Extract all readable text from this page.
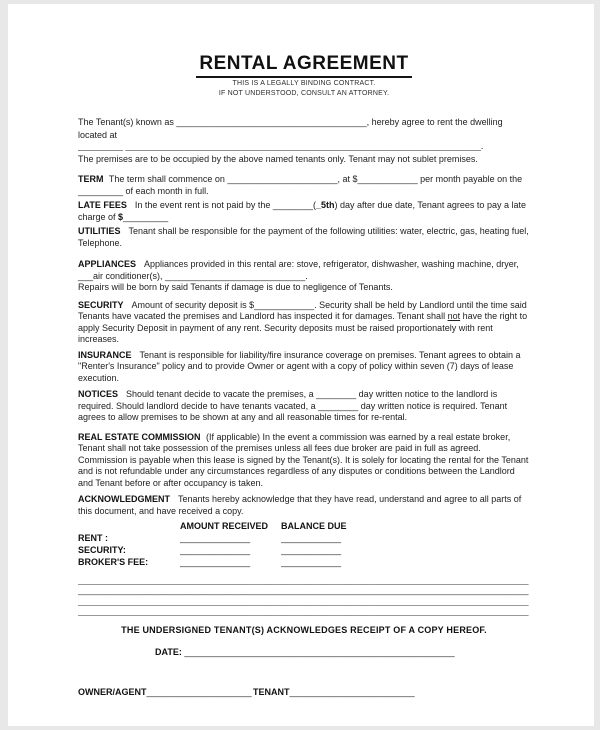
RENTAL AGREEMENT
THIS IS A LEGALLY BINDING CONTRACT.
IF NOT UNDERSTOOD, CONSULT AN ATTORNEY.
The Tenant(s) known as ______________________________________, hereby agree to rent the dwelling
located at
_________ _______________________________________________________________________.
The premises are to be occupied by the above named tenants only. Tenant may not sublet premises.
TERM The term shall commence on ______________________, at $____________ per month payable on the _________ of each month in full.
LATE FEES In the event rent is not paid by the ________(_5th) day after due date, Tenant agrees to pay a late charge of $_________
UTILITIES Tenant shall be responsible for the payment of the following utilities: water, electric, gas, heating fuel, Telephone.
APPLIANCES Appliances provided in this rental are: stove, refrigerator, dishwasher, washing machine, dryer, ___air conditioner(s), ____________________________.
Repairs will be born by said Tenants if damage is due to negligence of Tenants.
SECURITY Amount of security deposit is $____________. Security shall be held by Landlord until the time said Tenants have vacated the premises and Landlord has inspected it for damages. Tenant shall not have the right to apply Security Deposit in payment of any rent. Security deposits must be raised proportionately with rent increases.
INSURANCE Tenant is responsible for liability/fire insurance coverage on premises. Tenant agrees to obtain a "Renter's Insurance" policy and to provide Owner or agent with a copy of policy within seven (7) days of lease execution.
NOTICES Should tenant decide to vacate the premises, a ________ day written notice to the landlord is required. Should landlord decide to have tenants vacated, a ________ day written notice is required. Tenant agrees to allow premises to be shown at any and all reasonable times for re-rental.
REAL ESTATE COMMISSION (If applicable) In the event a commission was earned by a real estate broker, Tenant shall not take possession of the premises unless all fees due broker are paid in full as agreed. Commission is payable when this lease is signed by the Tenant(s). It is solely for locating the rental for the Tenant and is not refundable under any circumstances regardless of any disputes or conditions between the Landlord and Tenant before or after occupancy is taken.
ACKNOWLEDGMENT Tenants hereby acknowledge that they have read, understand and agree to all parts of this document, and have received a copy.
AMOUNT RECEIVED	BALANCE DUE
RENT :	______________	____________
SECURITY:	______________	____________
BROKER'S FEE:	______________	____________
__________________________________________________________________________________________
__________________________________________________________________________________________
__________________________________________________________________________________________
__________________________________________________________________________________________
THE UNDERSIGNED TENANT(S) ACKNOWLEDGES RECEIPT OF A COPY HEREOF.
DATE: ______________________________________________________
OWNER/AGENT_____________________ TENANT_________________________
